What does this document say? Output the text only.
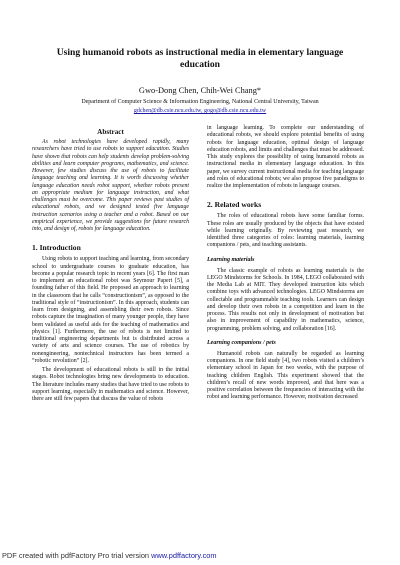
Using humanoid robots as instructional media in elementary language education
Gwo-Dong Chen, Chih-Wei Chang*
Department of Computer Science & Information Engineering, National Central University, Taiwan
gdchen@db.csie.ncu.edu.tw, gogo@db.csie.ncu.edu.tw
Abstract

As robot technologies have developed rapidly, many researchers have tried to use robots to support education. Studies have shown that robots can help students develop problem-solving abilities and learn computer programs, mathematics, and science. However, few studies discuss the use of robots to facilitate language teaching and learning. It is worth discussing whether language education needs robot support, whether robots present an appropriate medium for language instruction, and what challenges must be overcome. This paper reviews past studies of educational robots, and we designed tested five language instruction scenarios using a teacher and a robot. Based on our empirical experience, we provide suggestions for future research into, and design of, robots for language education.

1. Introduction

Using robots to support teaching and learning, from secondary school to undergraduate courses to graduate education, has become a popular research topic in recent years [6]. The first man to implement an educational robot was Seymour Papert [5], a founding father of this field. He proposed an approach to learning in the classroom that he calls “constructionism”, as opposed to the traditional style of “instructionism”. In this approach, students can learn from designing, and assembling their own robots. Since robots capture the imagination of many younger people, they have been validated as useful aids for the teaching of mathematics and physics [1]. Furthermore, the use of robots is not limited to traditional engineering departments but is distributed across a variety of arts and science courses. The use of robotics by nonengineering, nontechnical instructors has been termed a “robotic revolution” [2].

The development of educational robots is still in the initial stages. Robot technologies bring new developments to education. The literature includes many studies that have tried to use robots to support learning, especially in mathematics and science. However, there are still few papers that discuss the value of robots

in language learning. To complete our understanding of educational robots, we should explore potential benefits of using robots for language education, optimal design of language education robots, and limits and challenges that must be addressed. This study explores the possibility of using humanoid robots as instructional media in elementary language education. In this paper, we survey current instructional media for teaching language and roles of educational robots; we also propose five paradigms to realize the implementation of robots in language courses.

2. Related works

The roles of educational robots have some familiar forms. These roles are usually produced by the objects that have existed while learning originally. By reviewing past research, we identified three categories of roles: learning materials, learning companions / pets, and teaching assistants.

Learning materials

The classic example of robots as learning materials is the LEGO Mindstorms for Schools. In 1984, LEGO collaborated with the Media Lab at MIT. They developed instruction kits which combine toys with advanced technologies. LEGO Mindstorms are collectable and programmable teaching tools. Learners can design and develop their own robots in a competition and learn in the process. This results not only in development of motivation but also in improvement of capability in mathematics, science, programming, problem solving, and collaboration [16].

Learning companions / pets

Humanoid robots can naturally be regarded as learning companions. In one field study [4], two robots visited a children’s elementary school in Japan for two weeks, with the purpose of teaching children English. This experiment showed that the children’s recall of new words improved, and that here was a positive correlation between the frequencies of interacting with the robot and learning performance. However, motivation decreased

PDF created with pdfFactory Pro trial version www.pdffactory.com
